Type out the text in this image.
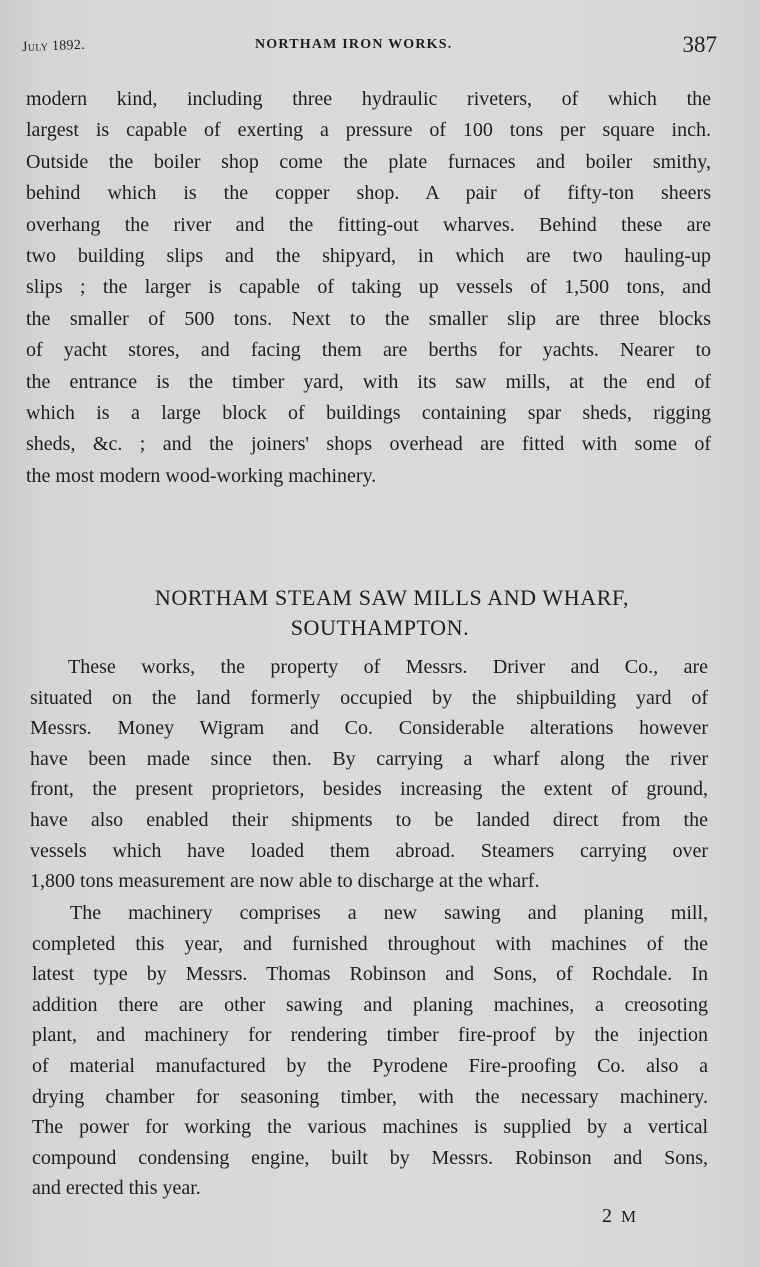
July 1892.	NORTHAM IRON WORKS.	387
modern kind, including three hydraulic riveters, of which the
largest is capable of exerting a pressure of 100 tons per square inch.
Outside the boiler shop come the plate furnaces and boiler smithy,
behind which is the copper shop. A pair of fifty-ton sheers
overhang the river and the fitting-out wharves. Behind these are
two building slips and the shipyard, in which are two hauling-up
slips ; the larger is capable of taking up vessels of 1,500 tons, and
the smaller of 500 tons. Next to the smaller slip are three blocks
of yacht stores, and facing them are berths for yachts. Nearer to
the entrance is the timber yard, with its saw mills, at the end of
which is a large block of buildings containing spar sheds, rigging
sheds, &c. ; and the joiners' shops overhead are fitted with some of
the most modern wood-working machinery.
NORTHAM STEAM SAW MILLS AND WHARF,
SOUTHAMPTON.
These works, the property of Messrs. Driver and Co., are
situated on the land formerly occupied by the shipbuilding yard of
Messrs. Money Wigram and Co. Considerable alterations however
have been made since then. By carrying a wharf along the river
front, the present proprietors, besides increasing the extent of ground,
have also enabled their shipments to be landed direct from the
vessels which have loaded them abroad. Steamers carrying over
1,800 tons measurement are now able to discharge at the wharf.
The machinery comprises a new sawing and planing mill,
completed this year, and furnished throughout with machines of the
latest type by Messrs. Thomas Robinson and Sons, of Rochdale. In
addition there are other sawing and planing machines, a creosoting
plant, and machinery for rendering timber fire-proof by the injection
of material manufactured by the Pyrodene Fire-proofing Co. also a
drying chamber for seasoning timber, with the necessary machinery.
The power for working the various machines is supplied by a vertical
compound condensing engine, built by Messrs. Robinson and Sons,
and erected this year.
2 M
